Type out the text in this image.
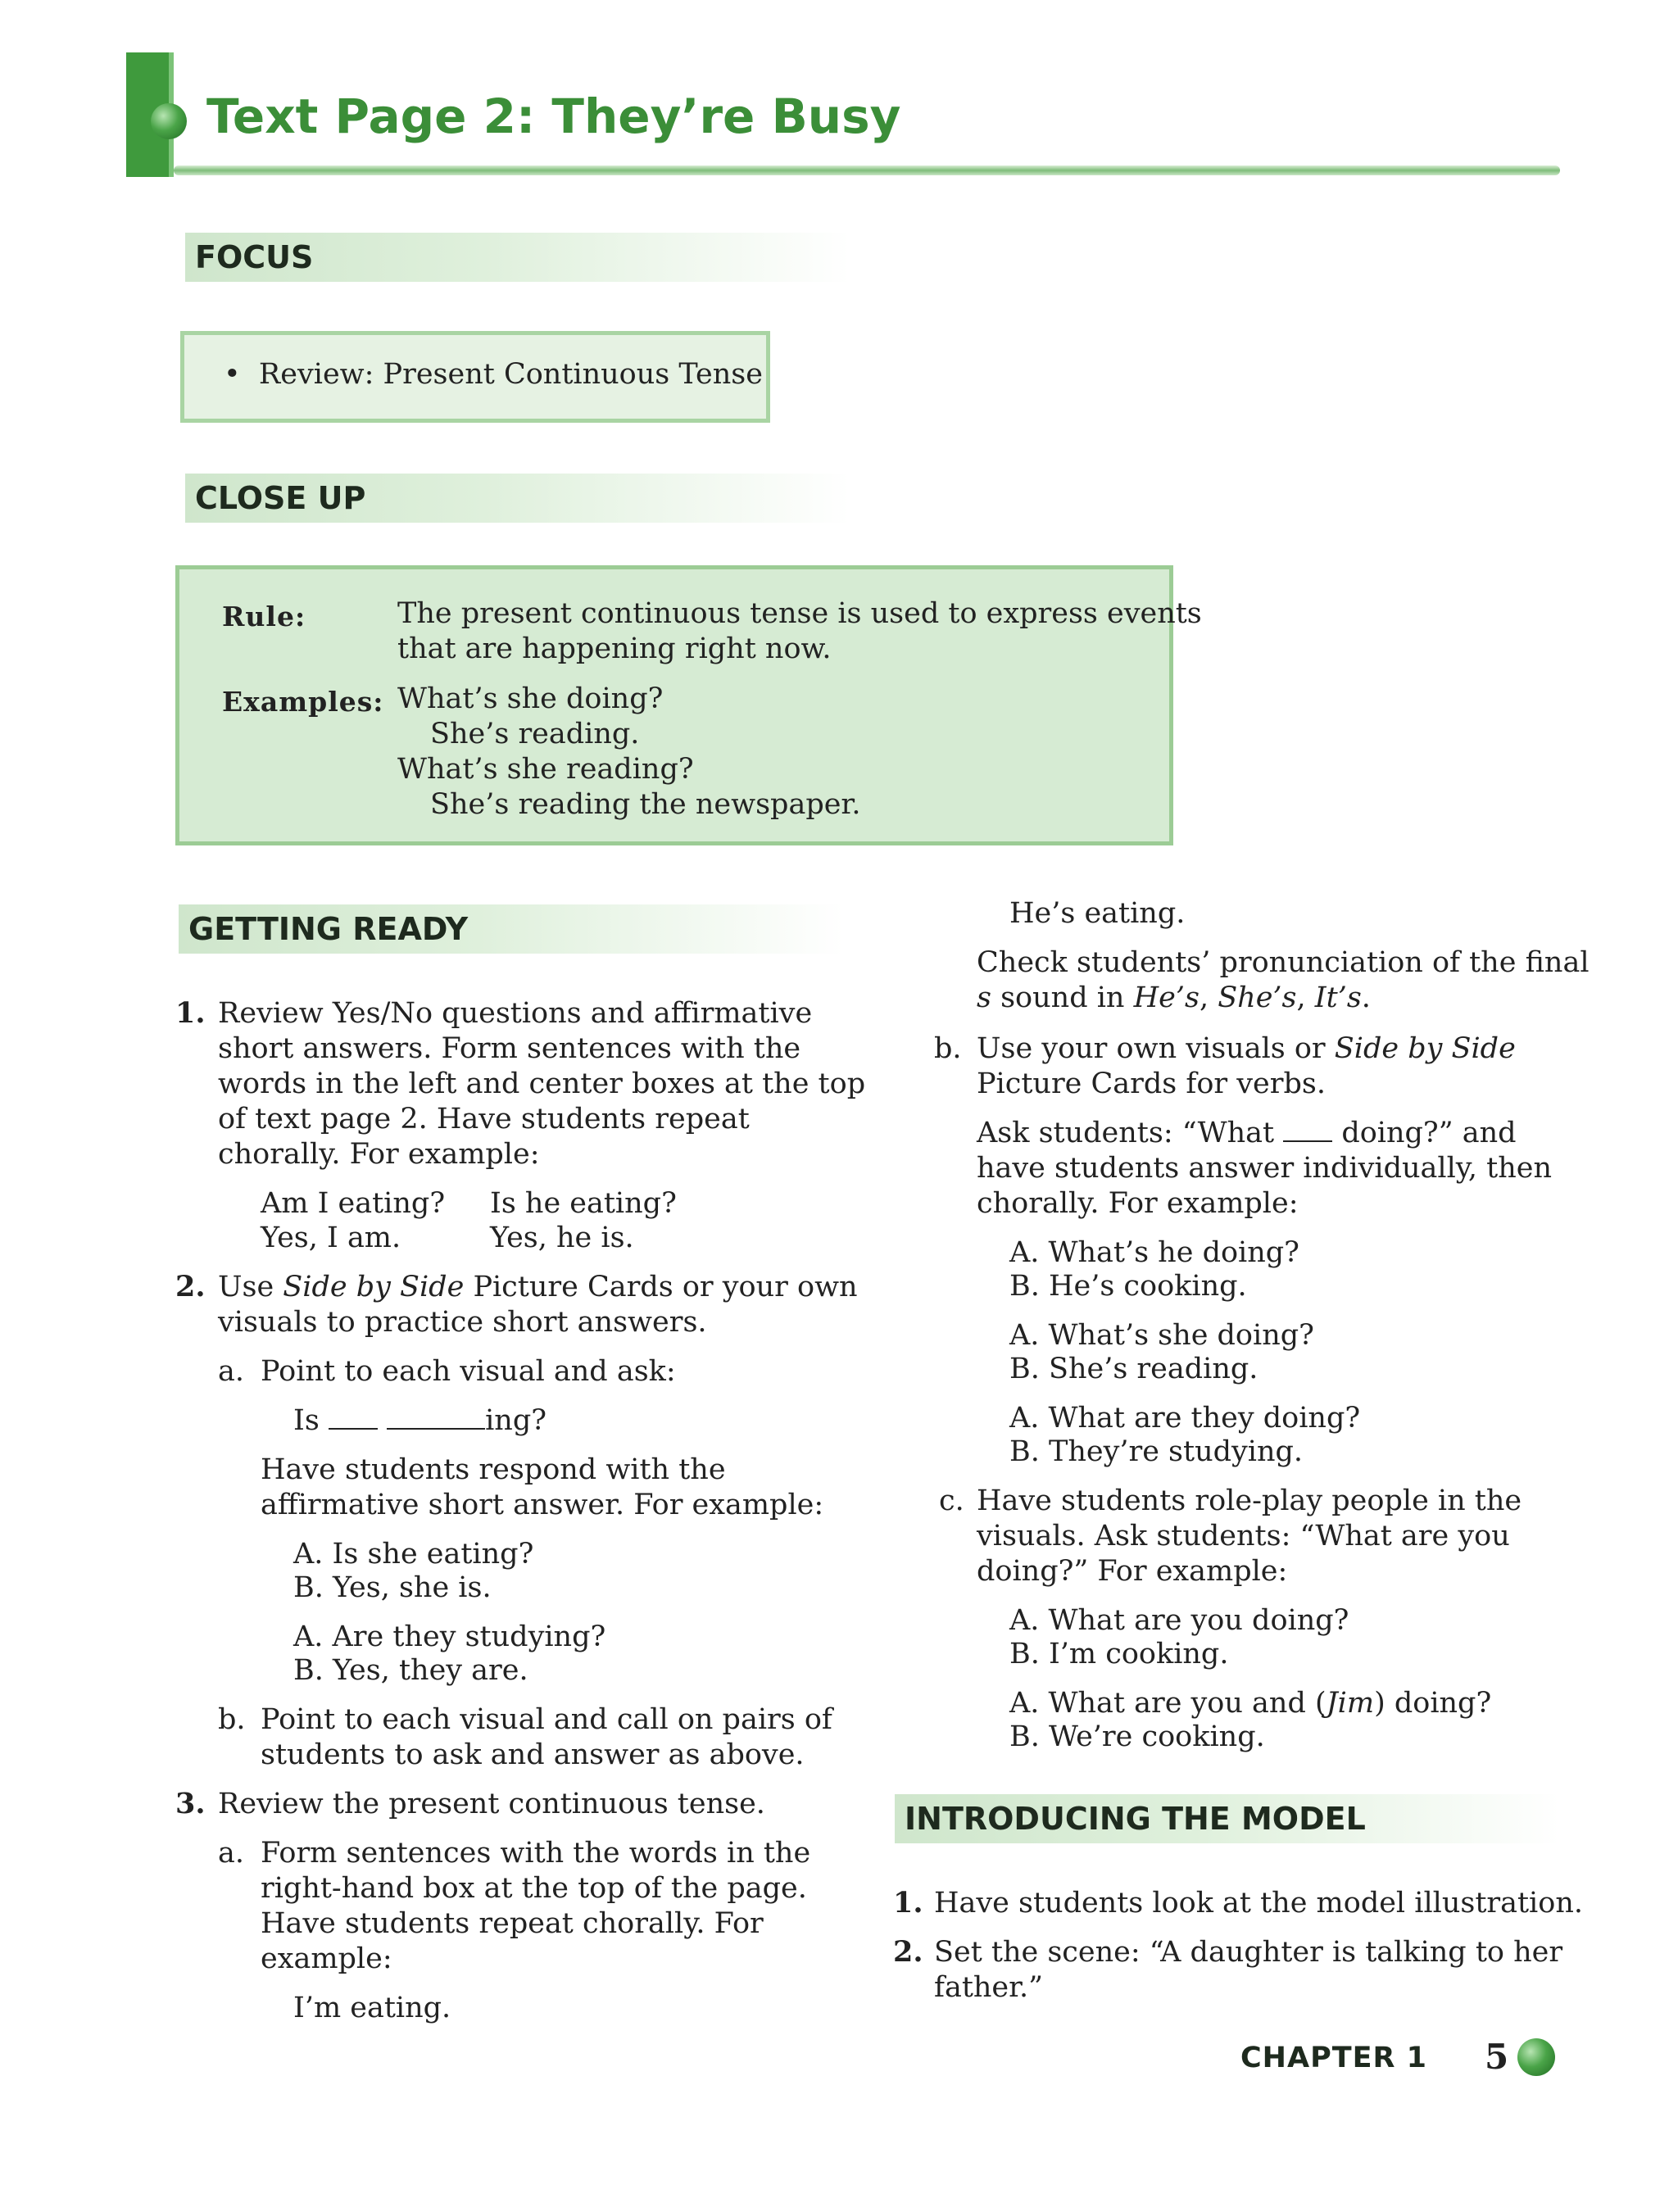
Text Page 2: They’re Busy
FOCUS
• Review: Present Continuous Tense
CLOSE UP
Rule:	The present continuous tense is used to express events
that are happening right now.
Examples: What’s she doing?
She’s reading.
What’s she reading?
She’s reading the newspaper.
GETTING READY
1. Review Yes/No questions and affirmative
short answers. Form sentences with the
words in the left and center boxes at the top
of text page 2. Have students repeat
chorally. For example:
Am I eating?
Yes, I am.
Is he eating?
Yes, he is.
2. Use Side by Side Picture Cards or your own
visuals to practice short answers.
a. Point to each visual and ask:
Is	ing?
Have students respond with the
affirmative short answer. For example:
A. Is she eating?
B. Yes, she is.
A. Are they studying?
B. Yes, they are.
b. Point to each visual and call on pairs of
students to ask and answer as above.
3. Review the present continuous tense.
a. Form sentences with the words in the
right-hand box at the top of the page.
Have students repeat chorally. For
example:
I’m eating.
He’s eating.
Check students’ pronunciation of the final
s sound in He’s, She’s, It’s.
b. Use your own visuals or Side by Side
Picture Cards for verbs.
Ask students: “What  doing?” and
have students answer individually, then
chorally. For example:
A. What’s he doing?
B. He’s cooking.
A. What’s she doing?
B. She’s reading.
A. What are they doing?
B. They’re studying.
c. Have students role-play people in the
visuals. Ask students: “What are you
doing?” For example:
A. What are you doing?
B. I’m cooking.
A. What are you and (Jim) doing?
B. We’re cooking.
INTRODUCING THE MODEL
1. Have students look at the model illustration.
2. Set the scene: “A daughter is talking to her
father.”
CHAPTER 1 5
